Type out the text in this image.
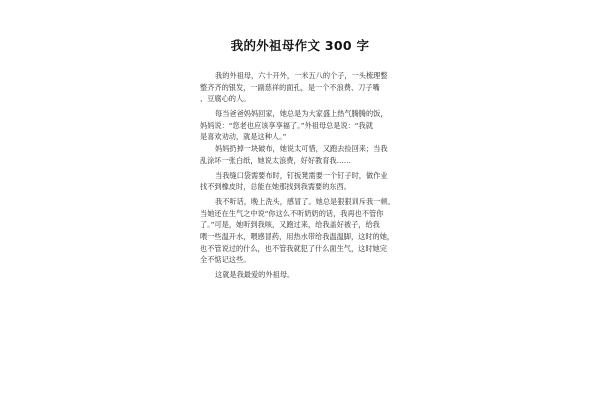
我的外祖母作文 300 字
我的外祖母，六十开外，一米五八的个子，一头梳理整
整齐齐的银发，一副慈祥的面孔，是一个不浪费、刀子嘴
、豆腐心的人。
每当爸爸妈妈回家，她总是为大家盛上热气腾腾的饭，
妈妈说：“您老也应该享享福了。”外祖母总是说：“我就
是喜欢劝动，就是这种人。”
妈妈扔掉一块破布，她说太可惜，又跑去捡回来；当我
乱涂坏一张白纸，她说太浪费，好好教育我……
当我缝口袋需要布时，钉扳凳需要一个钉子时，做作业
找不到橡皮时，总能在她那找到我需要的东西。
我不听话，晚上洗头，感冒了。她总是狠狠训斥我一顿。
当她还在生气之中说“你这么不听奶奶的话，我再也不管你
了。”可是，她听到我咳，又跑过来，给我盖好被子，给我
喂一些温开水，喂感冒药，用热水带给我温温脚，这时的她，
也不管说过的什么，也不管我就犯了什么面生气，这时她完
全不惦记这些。
这就是我最爱的外祖母。
